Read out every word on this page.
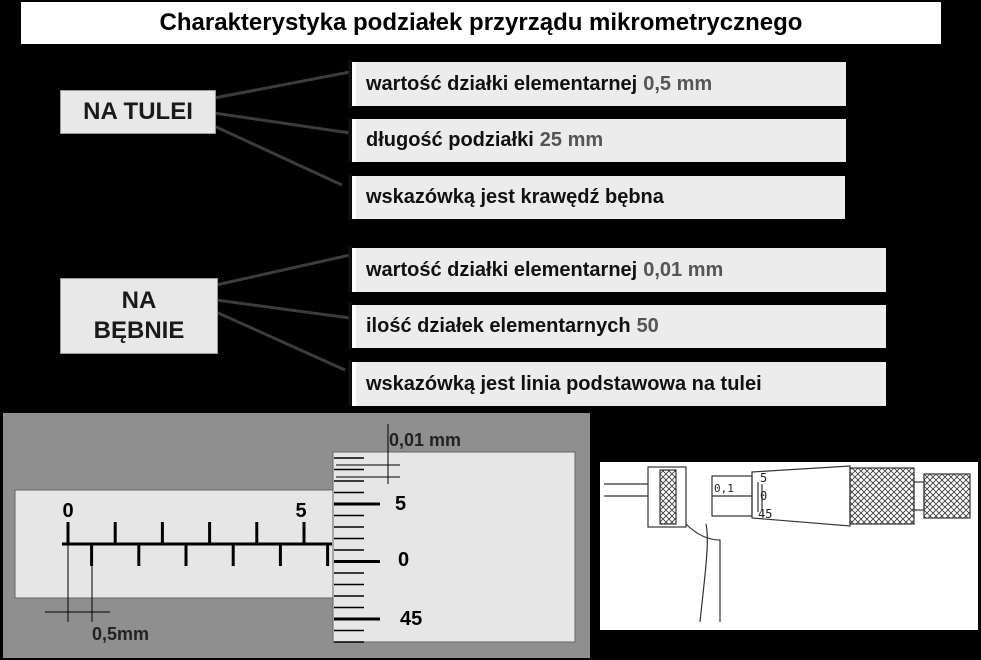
Charakterystyka podziałek przyrządu mikrometrycznego
NA TULEI
wartość działki elementarnej 0,5 mm
długość podziałki 25 mm
wskazówką jest krawędź bębna
NA
BĘBNIE
wartość działki elementarnej 0,01 mm
ilość działek elementarnych 50
wskazówką jest linia podstawowa na tulei
0	5	5
0
45
0,5mm
0,01 mm
0,1
5
0
45
